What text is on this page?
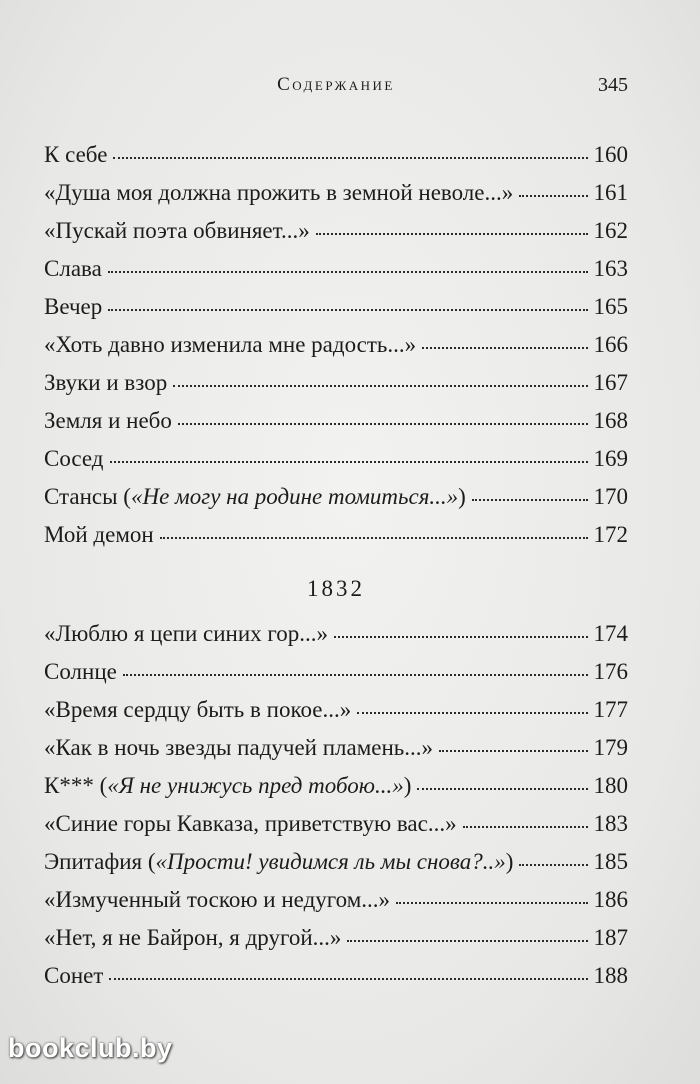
Содержание	345
К себе	160
«Душа моя должна прожить в земной неволе...»	161
«Пускай поэта обвиняет...»	162
Слава	163
Вечер	165
«Хоть давно изменила мне радость...»	166
Звуки и взор	167
Земля и небо	168
Сосед	169
Стансы («Не могу на родине томиться...»)	170
Мой демон	172
1832
«Люблю я цепи синих гор...»	174
Солнце	176
«Время сердцу быть в покое...»	177
«Как в ночь звезды падучей пламень...»	179
К*** («Я не унижусь пред тобою...»)	180
«Синие горы Кавказа, приветствую вас...»	183
Эпитафия («Прости! увидимся ль мы снова?..»)	185
«Измученный тоскою и недугом...»	186
«Нет, я не Байрон, я другой...»	187
Сонет	188
bookclub.by
